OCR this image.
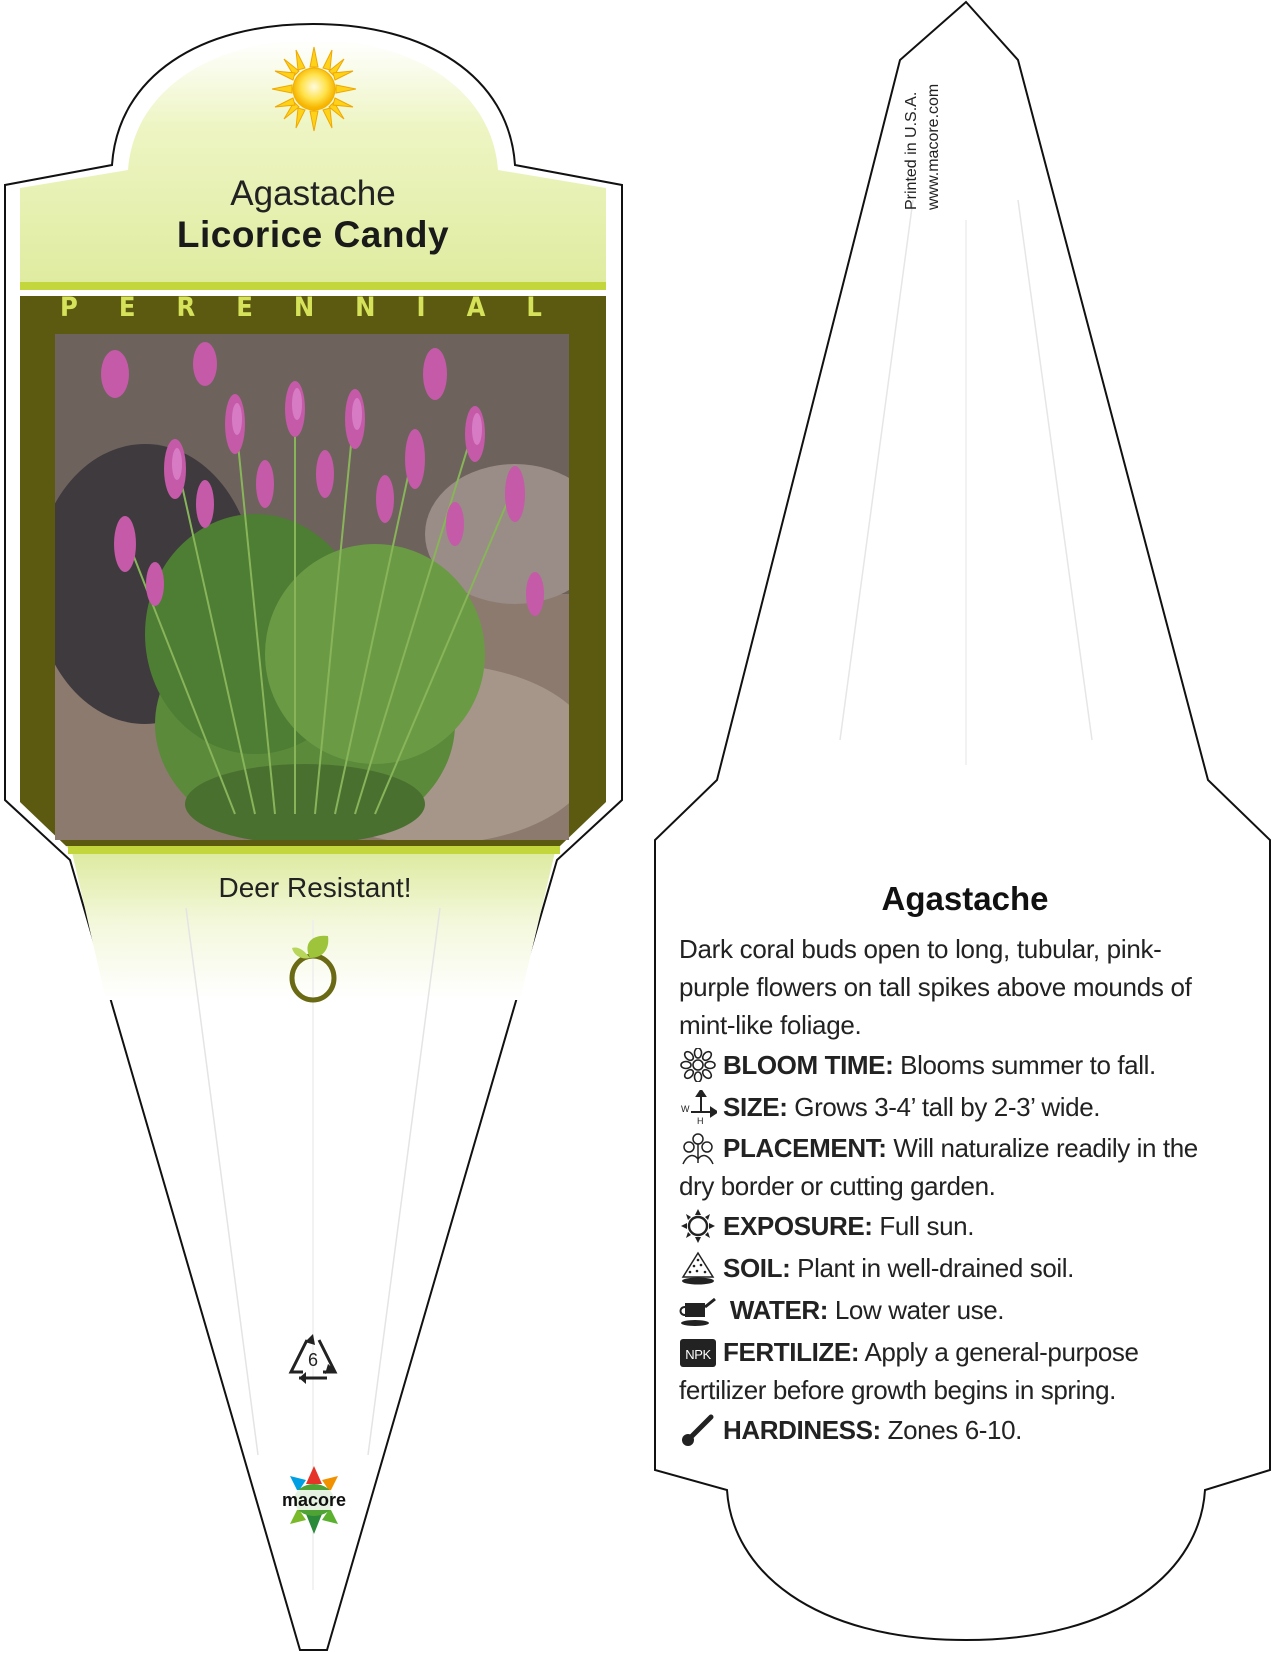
Agastache
Licorice Candy
P E R E N N I A L
Deer Resistant!
6
macore
Printed in U.S.A. www.macore.com
Agastache
Dark coral buds open to long, tubular, pink-purple flowers on tall spikes above mounds of mint-like foliage.
BLOOM TIME: Blooms summer to fall.
W
H SIZE: Grows 3-4’ tall by 2-3’ wide.
PLACEMENT: Will naturalize readily in the dry border or cutting garden.
EXPOSURE: Full sun.
SOIL: Plant in well-drained soil.
WATER: Low water use.
NPK FERTILIZE: Apply a general-purpose fertilizer before growth begins in spring.
HARDINESS: Zones 6-10.
